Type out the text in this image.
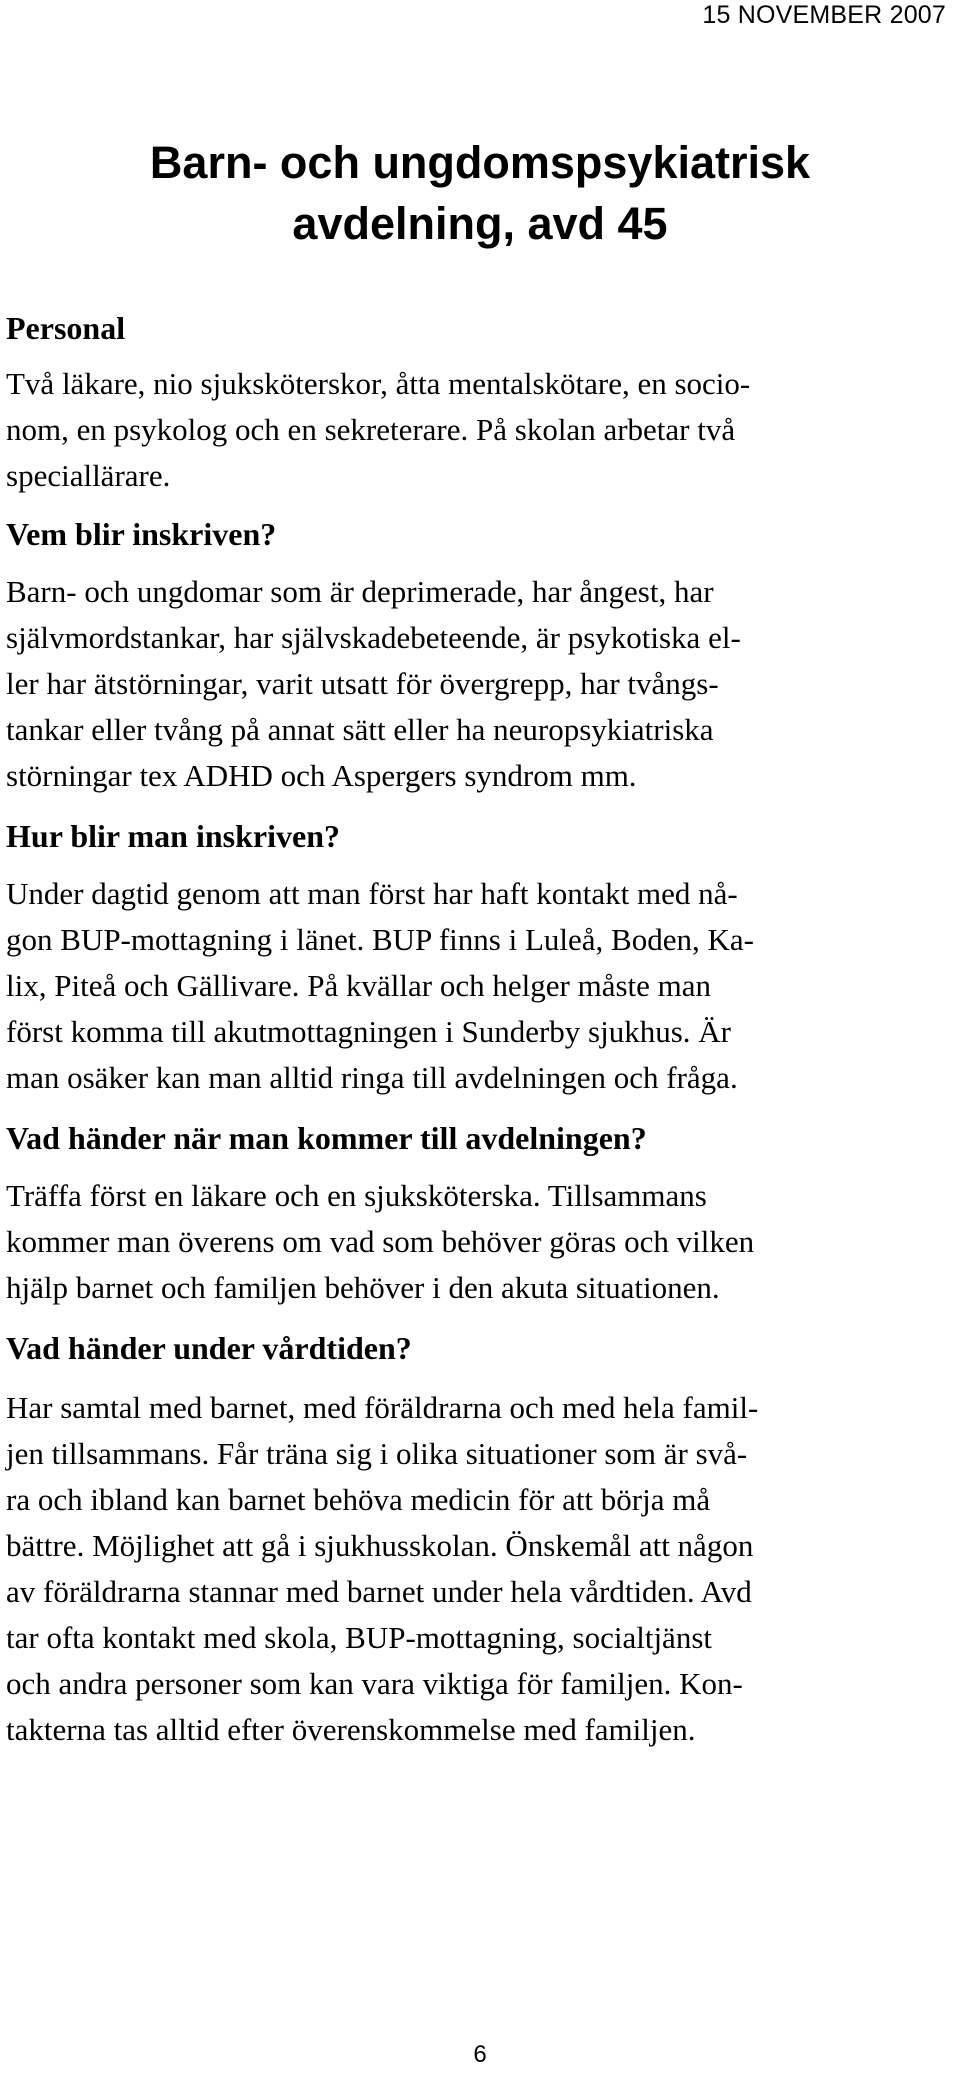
15 NOVEMBER 2007
Barn- och ungdomspsykiatrisk
avdelning, avd 45
Personal

Två läkare, nio sjuksköterskor, åtta mentalskötare, en socio-
nom, en psykolog och en sekreterare. På skolan arbetar två
speciallärare.

Vem blir inskriven?

Barn- och ungdomar som är deprimerade, har ångest, har
självmordstankar, har självskadebeteende, är psykotiska el-
ler har ätstörningar, varit utsatt för övergrepp, har tvångs-
tankar eller tvång på annat sätt eller ha neuropsykiatriska
störningar tex ADHD och Aspergers syndrom mm.

Hur blir man inskriven?

Under dagtid genom att man först har haft kontakt med nå-
gon BUP-mottagning i länet. BUP finns i Luleå, Boden, Ka-
lix, Piteå och Gällivare. På kvällar och helger måste man
först komma till akutmottagningen i Sunderby sjukhus. Är
man osäker kan man alltid ringa till avdelningen och fråga.

Vad händer när man kommer till avdelningen?

Träffa först en läkare och en sjuksköterska. Tillsammans
kommer man överens om vad som behöver göras och vilken
hjälp barnet och familjen behöver i den akuta situationen.

Vad händer under vårdtiden?

Har samtal med barnet, med föräldrarna och med hela famil-
jen tillsammans. Får träna sig i olika situationer som är svå-
ra och ibland kan barnet behöva medicin för att börja må
bättre. Möjlighet att gå i sjukhusskolan. Önskemål att någon
av föräldrarna stannar med barnet under hela vårdtiden. Avd
tar ofta kontakt med skola, BUP-mottagning, socialtjänst
och andra personer som kan vara viktiga för familjen. Kon-
takterna tas alltid efter överenskommelse med familjen.

6
